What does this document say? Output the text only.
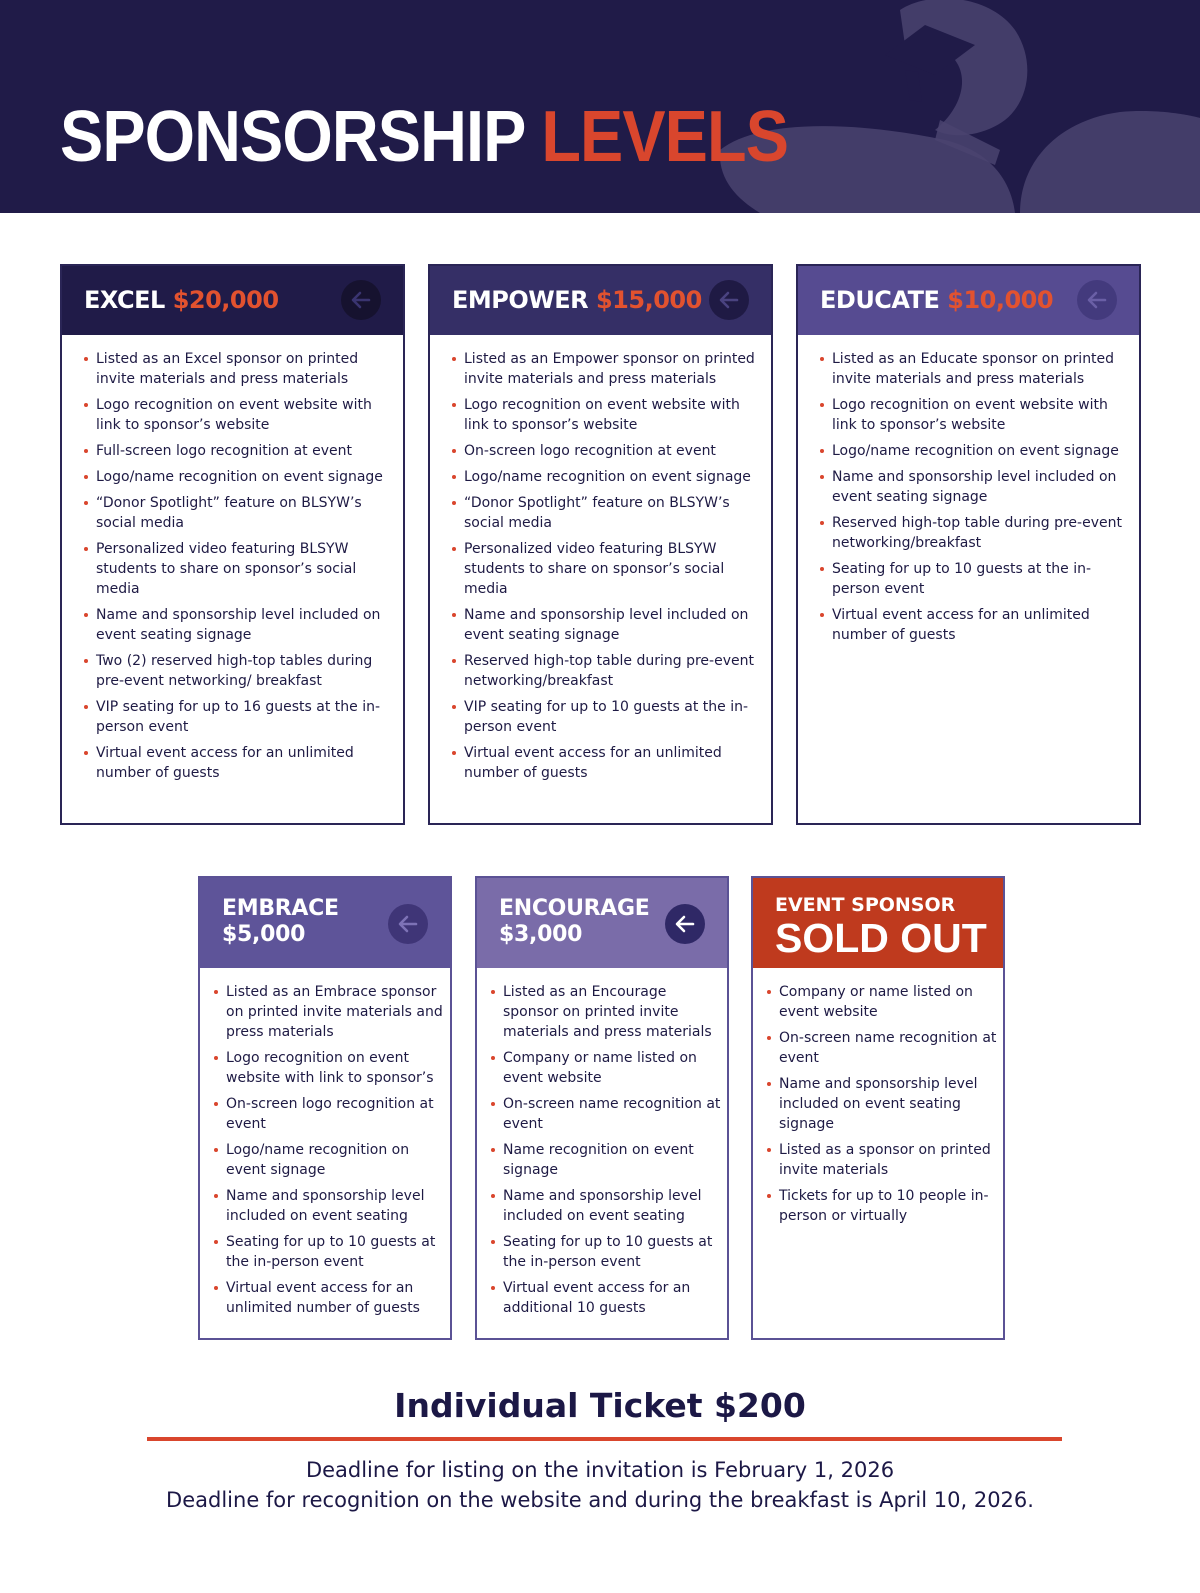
SPONSORSHIP LEVELS
EXCEL $20,000
Listed as an Excel sponsor on printed invite materials and press materials
Logo recognition on event website with link to sponsor’s website
Full-screen logo recognition at event
Logo/name recognition on event signage
“Donor Spotlight” feature on BLSYW’s social media
Personalized video featuring BLSYW students to share on sponsor’s social media
Name and sponsorship level included on event seating signage
Two (2) reserved high-top tables during pre-event networking/ breakfast
VIP seating for up to 16 guests at the in-person event
Virtual event access for an unlimited number of guests
EMPOWER $15,000
Listed as an Empower sponsor on printed invite materials and press materials
Logo recognition on event website with link to sponsor’s website
On-screen logo recognition at event
Logo/name recognition on event signage
“Donor Spotlight” feature on BLSYW’s social media
Personalized video featuring BLSYW students to share on sponsor’s social media
Name and sponsorship level included on event seating signage
Reserved high-top table during pre-event networking/breakfast
VIP seating for up to 10 guests at the in-person event
Virtual event access for an unlimited number of guests
EDUCATE $10,000
Listed as an Educate sponsor on printed invite materials and press materials
Logo recognition on event website with link to sponsor’s website
Logo/name recognition on event signage
Name and sponsorship level included on event seating signage
Reserved high-top table during pre-event networking/breakfast
Seating for up to 10 guests at the in-person event
Virtual event access for an unlimited number of guests
EMBRACE
$5,000
Listed as an Embrace sponsor on printed invite materials and press materials
Logo recognition on event website with link to sponsor’s
On-screen logo recognition at event
Logo/name recognition on event signage
Name and sponsorship level included on event seating
Seating for up to 10 guests at the in-person event
Virtual event access for an unlimited number of guests
ENCOURAGE
$3,000
Listed as an Encourage sponsor on printed invite materials and press materials
Company or name listed on event website
On-screen name recognition at event
Name recognition on event signage
Name and sponsorship level included on event seating
Seating for up to 10 guests at the in-person event
Virtual event access for an additional 10 guests
EVENT SPONSOR
SOLD OUT
Company or name listed on event website
On-screen name recognition at event
Name and sponsorship level included on event seating signage
Listed as a sponsor on printed invite materials
Tickets for up to 10 people in-person or virtually
Individual Ticket $200

Deadline for listing on the invitation is February 1, 2026

Deadline for recognition on the website and during the breakfast is April 10, 2026.
